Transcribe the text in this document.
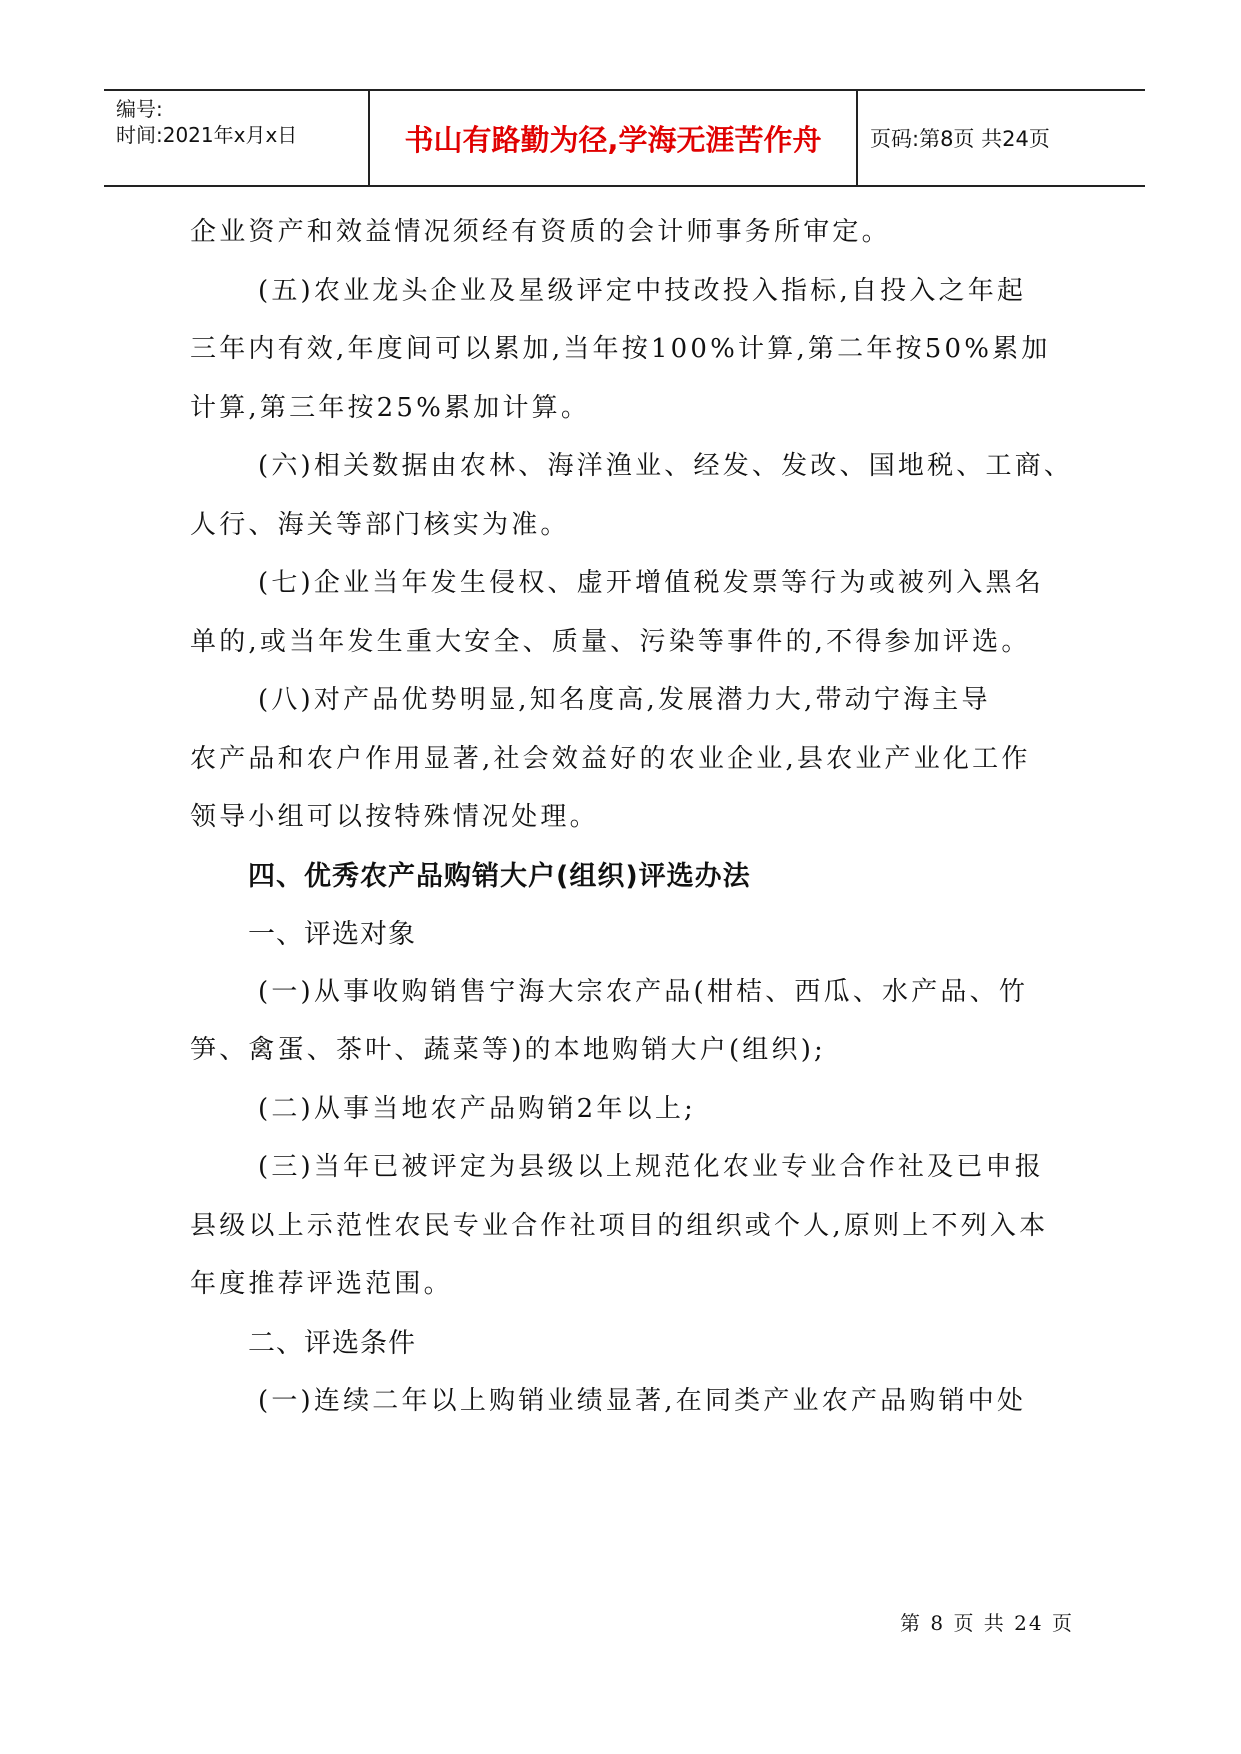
编号:
时间:2021年x月x日	书山有路勤为径,学海无涯苦作舟	页码:第8页 共24页
企业资产和效益情况须经有资质的会计师事务所审定。
(五)农业龙头企业及星级评定中技改投入指标,自投入之年起
三年内有效,年度间可以累加,当年按100%计算,第二年按50%累加
计算,第三年按25%累加计算。
(六)相关数据由农林、海洋渔业、经发、发改、国地税、工商、
人行、海关等部门核实为准。
(七)企业当年发生侵权、虚开增值税发票等行为或被列入黑名
单的,或当年发生重大安全、质量、污染等事件的,不得参加评选。
(八)对产品优势明显,知名度高,发展潜力大,带动宁海主导
农产品和农户作用显著,社会效益好的农业企业,县农业产业化工作
领导小组可以按特殊情况处理。
四、优秀农产品购销大户(组织)评选办法
一、评选对象
(一)从事收购销售宁海大宗农产品(柑桔、西瓜、水产品、竹
笋、禽蛋、茶叶、蔬菜等)的本地购销大户(组织);
(二)从事当地农产品购销2年以上;
(三)当年已被评定为县级以上规范化农业专业合作社及已申报
县级以上示范性农民专业合作社项目的组织或个人,原则上不列入本
年度推荐评选范围。
二、评选条件
(一)连续二年以上购销业绩显著,在同类产业农产品购销中处
第 8 页 共 24 页
